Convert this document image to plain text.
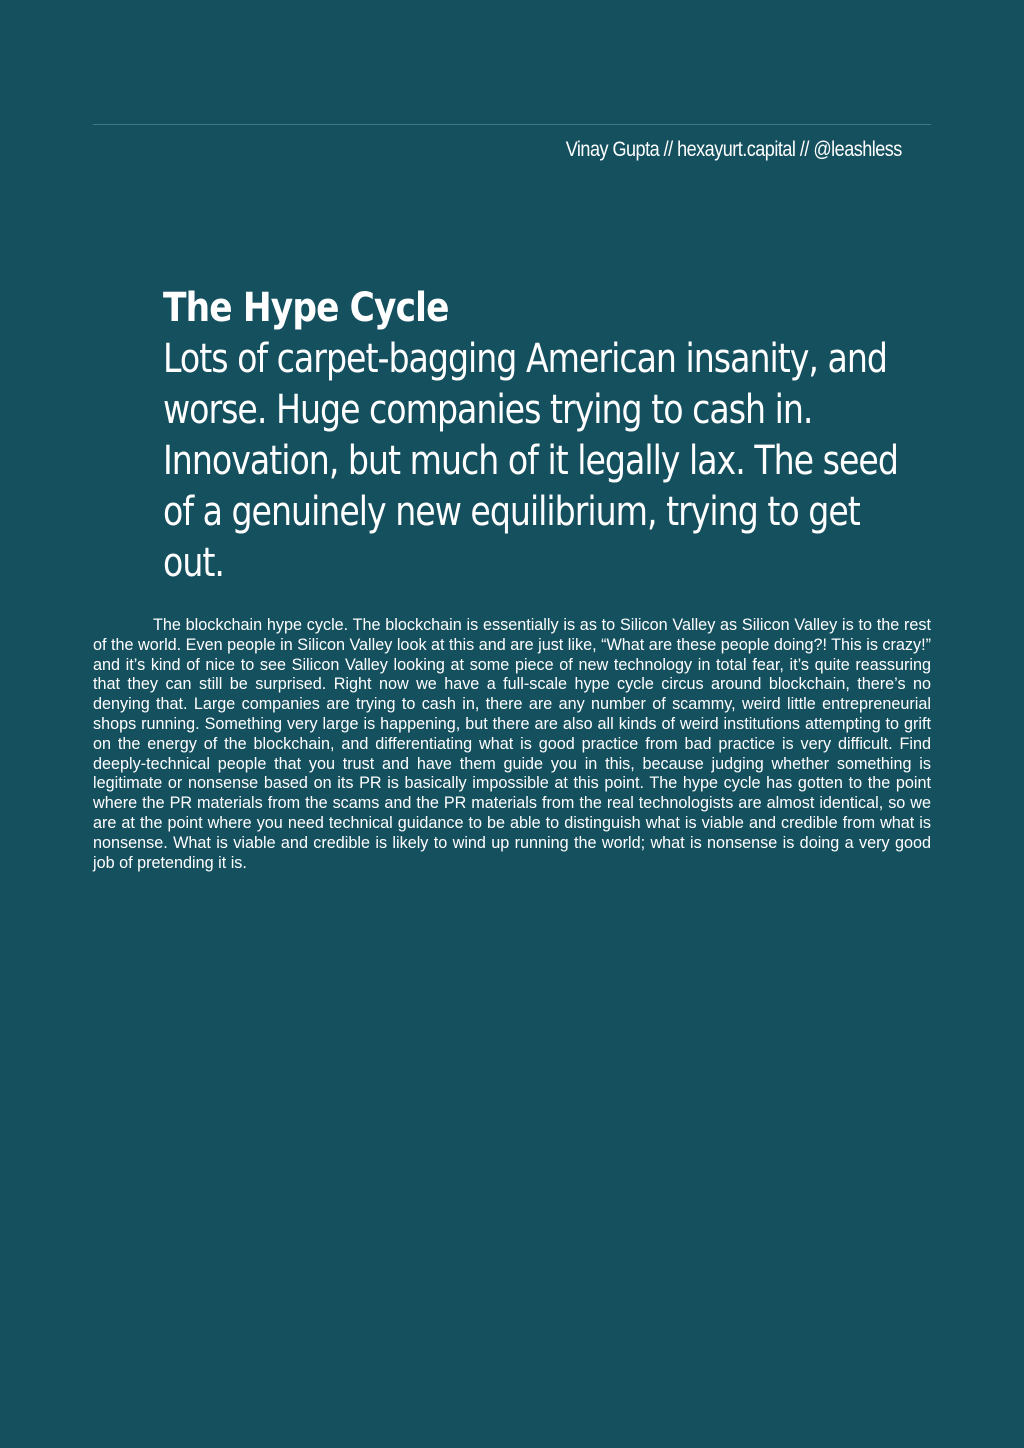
Vinay Gupta // hexayurt.capital // @leashless
The Hype Cycle

Lots of carpet-bagging American insanity, and worse. Huge companies trying to cash in. Innovation, but much of it legally lax. The seed of a genuinely new equilibrium, trying to get out.

The blockchain hype cycle. The blockchain is essentially is as to Silicon Valley as Silicon Valley is to the rest of the world. Even people in Silicon Valley look at this and are just like, “What are these people doing?! This is crazy!” and it’s kind of nice to see Silicon Valley looking at some piece of new technology in total fear, it’s quite reassuring that they can still be surprised. Right now we have a full-scale hype cycle circus around blockchain, there’s no denying that. Large companies are trying to cash in, there are any number of scammy, weird little entrepreneurial shops running. Something very large is happening, but there are also all kinds of weird institutions attempting to grift on the energy of the blockchain, and differentiating what is good practice from bad practice is very difficult. Find deeply-technical people that you trust and have them guide you in this, because judging whether something is legitimate or nonsense based on its PR is basically impossible at this point. The hype cycle has gotten to the point where the PR materials from the scams and the PR materials from the real technologists are almost identical, so we are at the point where you need technical guidance to be able to distinguish what is viable and credible from what is nonsense. What is viable and credible is likely to wind up running the world; what is nonsense is doing a very good job of pretending it is.
